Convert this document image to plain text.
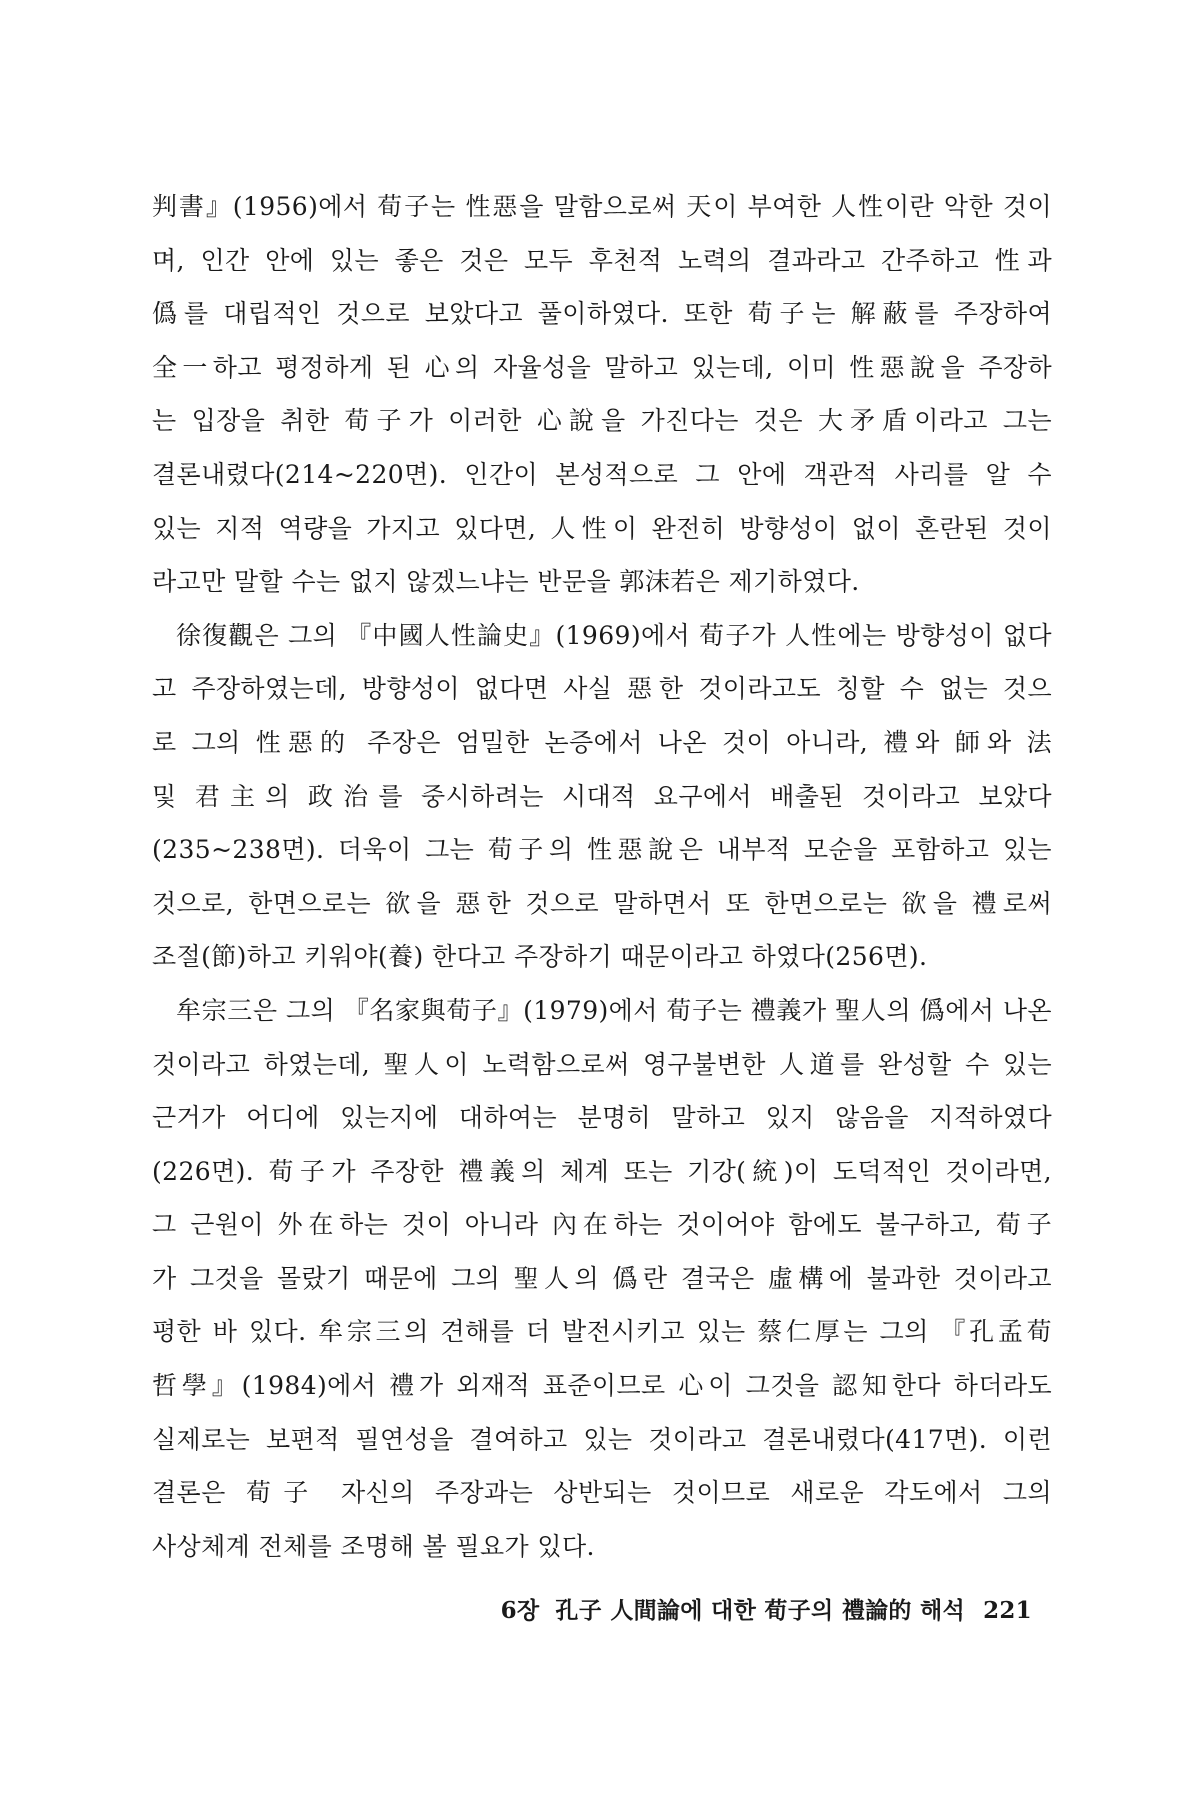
判書』(1956)에서 荀子는 性惡을 말함으로써 天이 부여한 人性이란 악한 것이
며, 인간 안에 있는 좋은 것은 모두 후천적 노력의 결과라고 간주하고 性과
僞를 대립적인 것으로 보았다고 풀이하였다. 또한 荀子는 解蔽를 주장하여
全一하고 평정하게 된 心의 자율성을 말하고 있는데, 이미 性惡說을 주장하
는 입장을 취한 荀子가 이러한 心說을 가진다는 것은 大矛盾이라고 그는
결론내렸다(214~220면). 인간이 본성적으로 그 안에 객관적 사리를 알 수
있는 지적 역량을 가지고 있다면, 人性이 완전히 방향성이 없이 혼란된 것이
라고만 말할 수는 없지 않겠느냐는 반문을 郭沫若은 제기하였다.
徐復觀은 그의 『中國人性論史』(1969)에서 荀子가 人性에는 방향성이 없다
고 주장하였는데, 방향성이 없다면 사실 惡한 것이라고도 칭할 수 없는 것으
로 그의 性惡的 주장은 엄밀한 논증에서 나온 것이 아니라, 禮와 師와 法
및 君主의 政治를 중시하려는 시대적 요구에서 배출된 것이라고 보았다
(235~238면). 더욱이 그는 荀子의 性惡說은 내부적 모순을 포함하고 있는
것으로, 한면으로는 欲을 惡한 것으로 말하면서 또 한면으로는 欲을 禮로써
조절(節)하고 키워야(養) 한다고 주장하기 때문이라고 하였다(256면).
牟宗三은 그의 『名家與荀子』(1979)에서 荀子는 禮義가 聖人의 僞에서 나온
것이라고 하였는데, 聖人이 노력함으로써 영구불변한 人道를 완성할 수 있는
근거가 어디에 있는지에 대하여는 분명히 말하고 있지 않음을 지적하였다
(226면). 荀子가 주장한 禮義의 체계 또는 기강(統)이 도덕적인 것이라면,
그 근원이 外在하는 것이 아니라 內在하는 것이어야 함에도 불구하고, 荀子
가 그것을 몰랐기 때문에 그의 聖人의 僞란 결국은 虛構에 불과한 것이라고
평한 바 있다. 牟宗三의 견해를 더 발전시키고 있는 蔡仁厚는 그의 『孔孟荀
哲學』(1984)에서 禮가 외재적 표준이므로 心이 그것을 認知한다 하더라도
실제로는 보편적 필연성을 결여하고 있는 것이라고 결론내렸다(417면). 이런
결론은 荀子 자신의 주장과는 상반되는 것이므로 새로운 각도에서 그의
사상체계 전체를 조명해 볼 필요가 있다.
6장 孔子 人間論에 대한 荀子의 禮論的 해석 221
